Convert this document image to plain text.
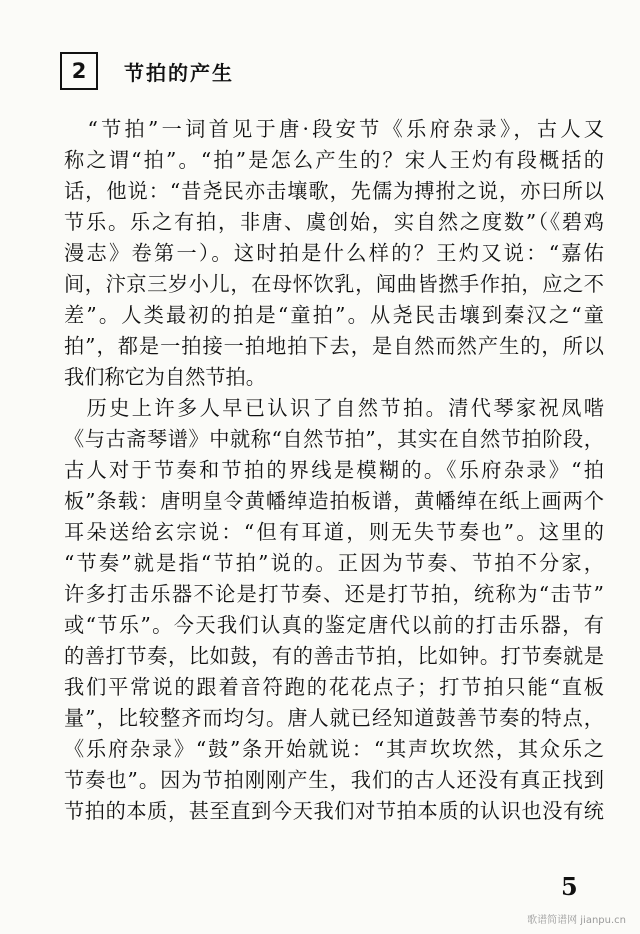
2	节拍的产生
　“节拍”一词首见于唐·段安节《乐府杂录》，古人又
称之谓“拍”。“拍”是怎么产生的？宋人王灼有段概括的
话，他说：“昔尧民亦击壤歌，先儒为搏拊之说，亦曰所以
节乐。乐之有拍，非唐、虞创始，实自然之度数”（《碧鸡
漫志》卷第一）。这时拍是什么样的？王灼又说：“嘉佑
间，汴京三岁小儿，在母怀饮乳，闻曲皆撚手作拍，应之不
差”。人类最初的拍是“童拍”。从尧民击壤到秦汉之“童
拍”，都是一拍接一拍地拍下去，是自然而然产生的，所以
我们称它为自然节拍。
　历史上许多人早已认识了自然节拍。清代琴家祝凤喈
《与古斋琴谱》中就称“自然节拍”，其实在自然节拍阶段，
古人对于节奏和节拍的界线是模糊的。《乐府杂录》“拍
板”条载：唐明皇令黄幡绰造拍板谱，黄幡绰在纸上画两个
耳朵送给玄宗说：“但有耳道，则无失节奏也”。这里的
“节奏”就是指“节拍”说的。正因为节奏、节拍不分家，
许多打击乐器不论是打节奏、还是打节拍，统称为“击节”
或“节乐”。今天我们认真的鉴定唐代以前的打击乐器，有
的善打节奏，比如鼓，有的善击节拍，比如钟。打节奏就是
我们平常说的跟着音符跑的花花点子；打节拍只能“直板
量”，比较整齐而均匀。唐人就已经知道鼓善节奏的特点，
《乐府杂录》“鼓”条开始就说：“其声坎坎然，其众乐之
节奏也”。因为节拍刚刚产生，我们的古人还没有真正找到
节拍的本质，甚至直到今天我们对节拍本质的认识也没有统
5
歌谱简谱网 jianpu.cn
